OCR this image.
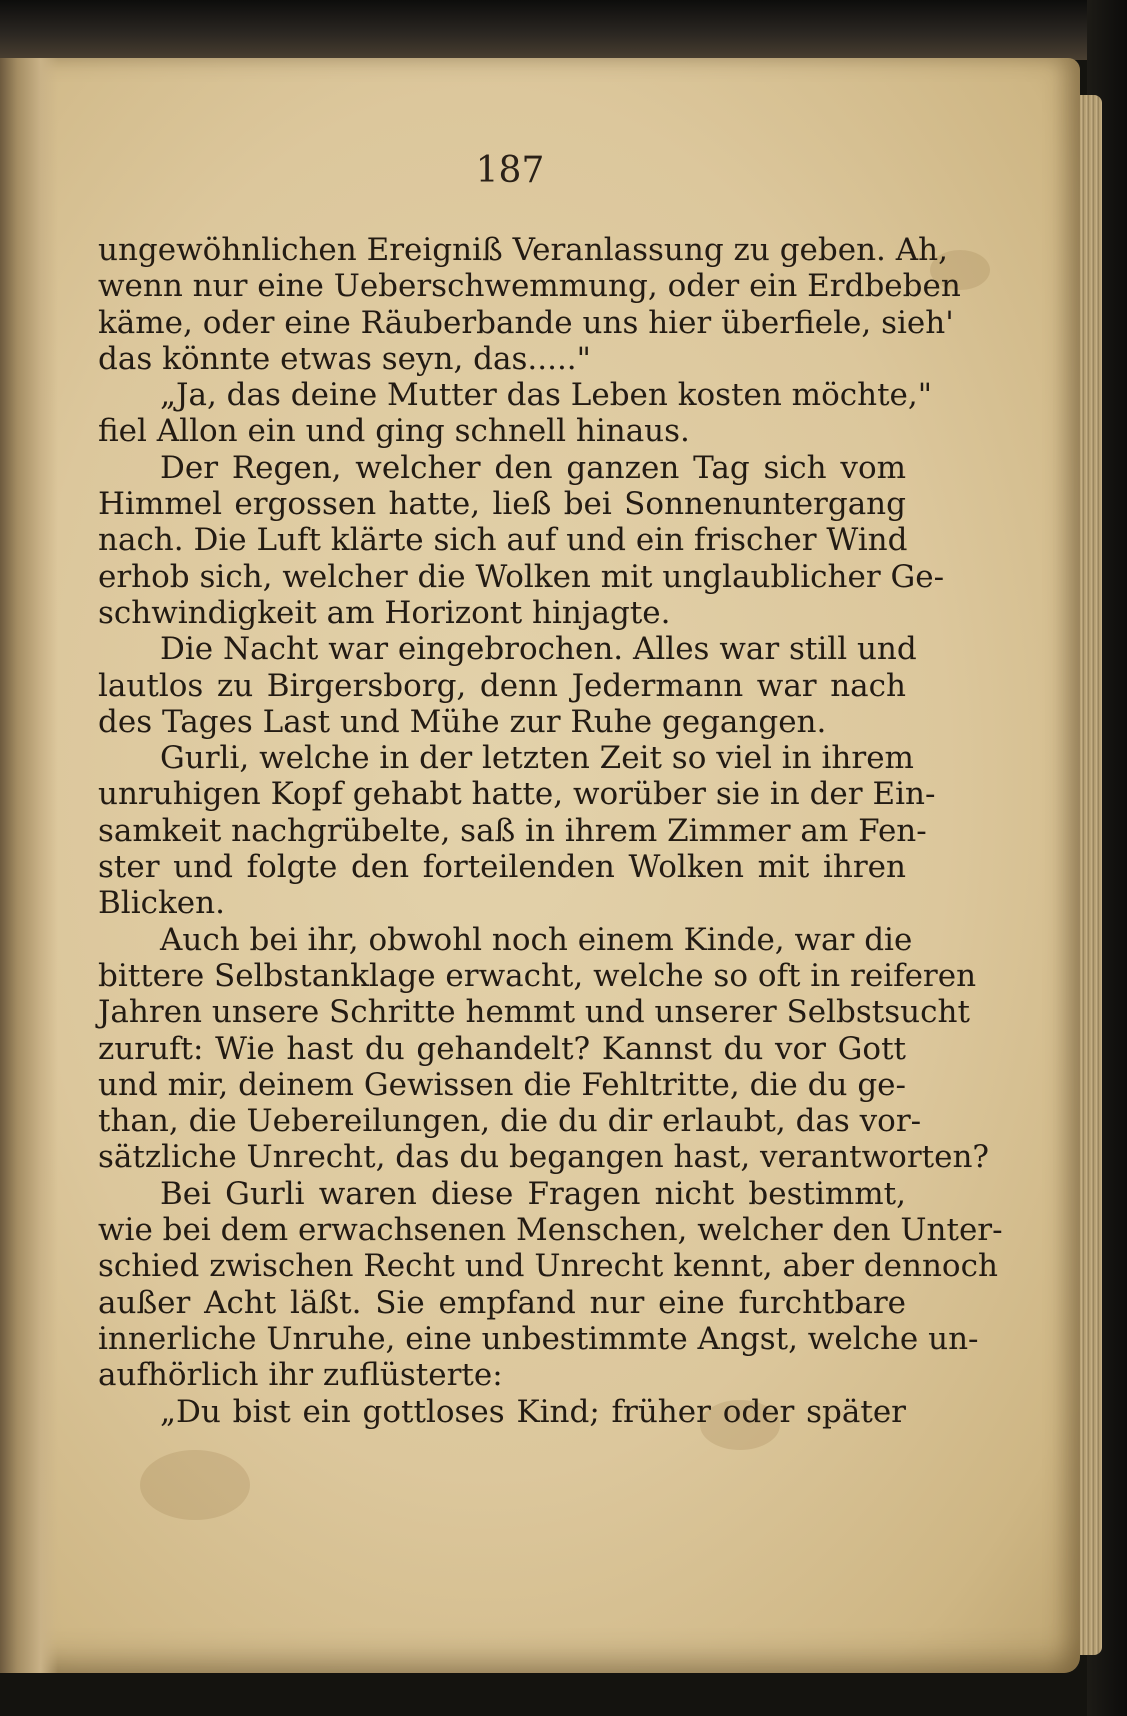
187
ungewöhnlichen Ereigniß Veranlassung zu geben. Ah,
wenn nur eine Ueberschwemmung, oder ein Erdbeben
käme, oder eine Räuberbande uns hier überfiele, sieh'
das könnte etwas seyn, das....."
„Ja, das deine Mutter das Leben kosten möchte,"
fiel Allon ein und ging schnell hinaus.
Der Regen, welcher den ganzen Tag sich vom
Himmel ergossen hatte, ließ bei Sonnenuntergang
nach. Die Luft klärte sich auf und ein frischer Wind
erhob sich, welcher die Wolken mit unglaublicher Ge-
schwindigkeit am Horizont hinjagte.
Die Nacht war eingebrochen. Alles war still und
lautlos zu Birgersborg, denn Jedermann war nach
des Tages Last und Mühe zur Ruhe gegangen.
Gurli, welche in der letzten Zeit so viel in ihrem
unruhigen Kopf gehabt hatte, worüber sie in der Ein-
samkeit nachgrübelte, saß in ihrem Zimmer am Fen-
ster und folgte den forteilenden Wolken mit ihren
Blicken.
Auch bei ihr, obwohl noch einem Kinde, war die
bittere Selbstanklage erwacht, welche so oft in reiferen
Jahren unsere Schritte hemmt und unserer Selbstsucht
zuruft: Wie hast du gehandelt? Kannst du vor Gott
und mir, deinem Gewissen die Fehltritte, die du ge-
than, die Uebereilungen, die du dir erlaubt, das vor-
sätzliche Unrecht, das du begangen hast, verantworten?
Bei Gurli waren diese Fragen nicht bestimmt,
wie bei dem erwachsenen Menschen, welcher den Unter-
schied zwischen Recht und Unrecht kennt, aber dennoch
außer Acht läßt. Sie empfand nur eine furchtbare
innerliche Unruhe, eine unbestimmte Angst, welche un-
aufhörlich ihr zuflüsterte:
„Du bist ein gottloses Kind; früher oder später
